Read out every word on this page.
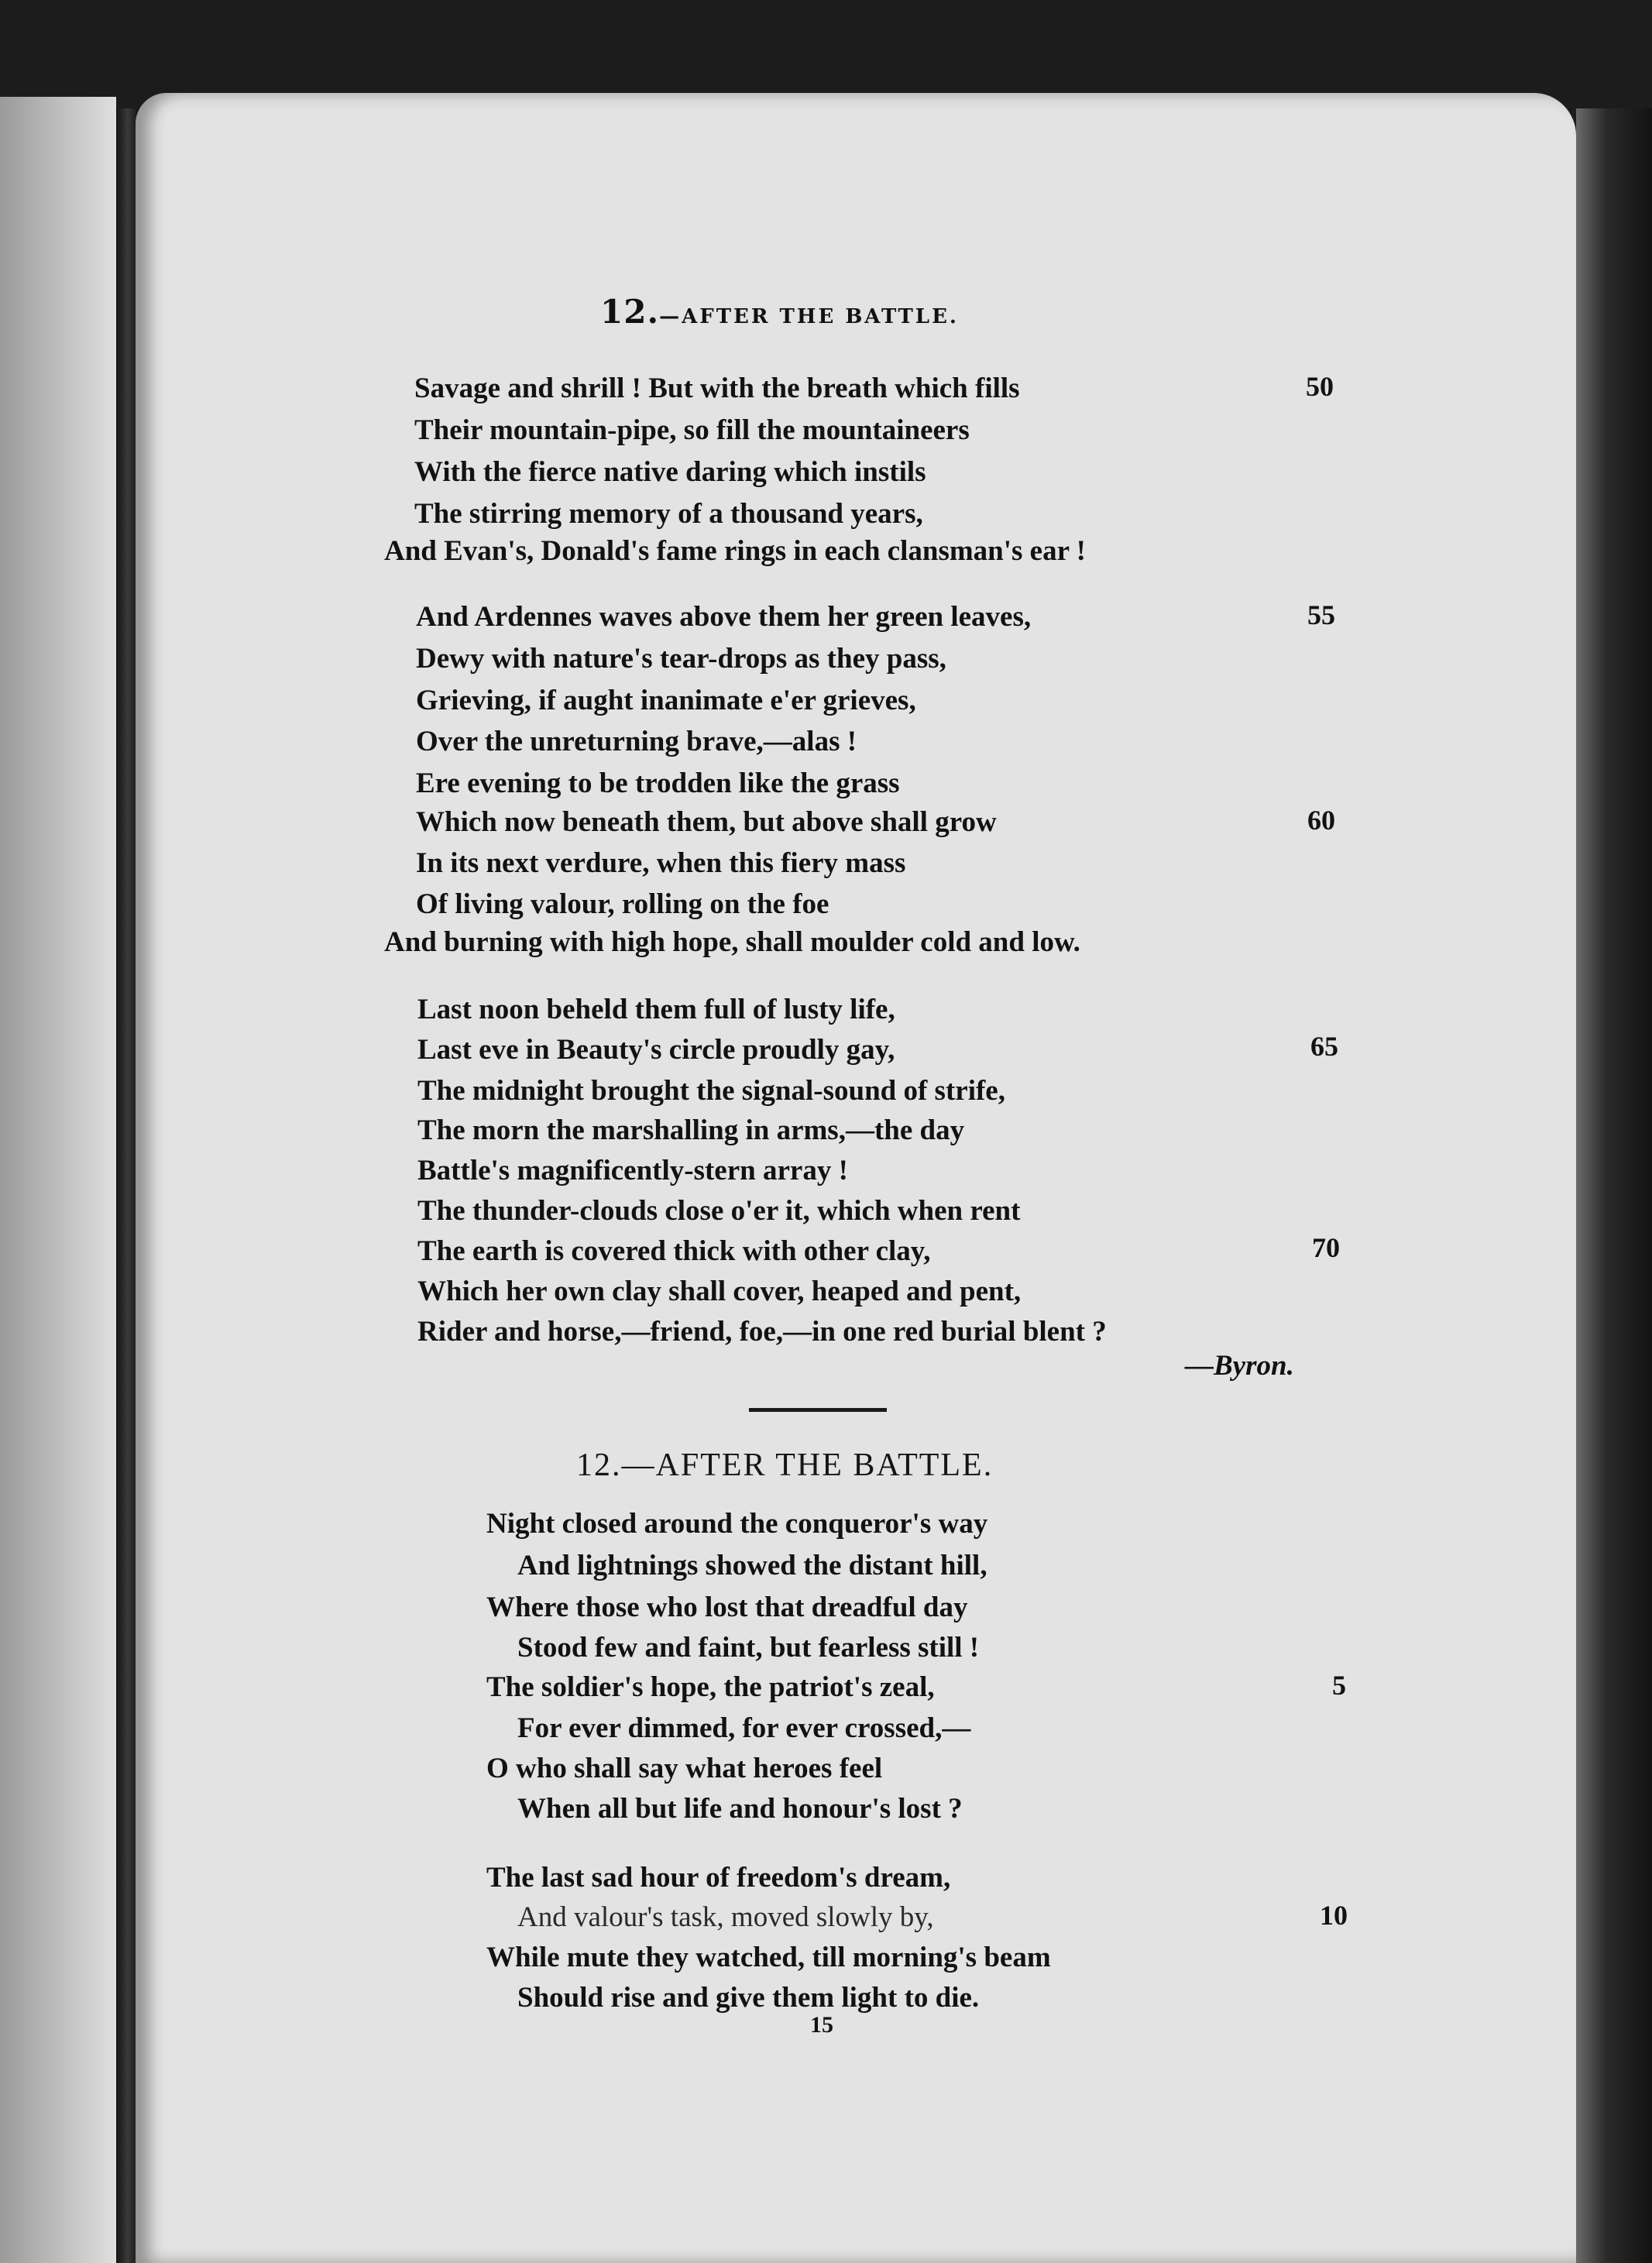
12.—AFTER THE BATTLE.
Savage and shrill ! But with the breath which fills
Their mountain-pipe, so fill the mountaineers
With the fierce native daring which instils
The stirring memory of a thousand years,
And Evan's, Donald's fame rings in each clansman's ear !
50
And Ardennes waves above them her green leaves,
Dewy with nature's tear-drops as they pass,
Grieving, if aught inanimate e'er grieves,
Over the unreturning brave,—alas !
Ere evening to be trodden like the grass
Which now beneath them, but above shall grow
In its next verdure, when this fiery mass
Of living valour, rolling on the foe
And burning with high hope, shall moulder cold and low.
55
60
Last noon beheld them full of lusty life,
Last eve in Beauty's circle proudly gay,
The midnight brought the signal-sound of strife,
The morn the marshalling in arms,—the day
Battle's magnificently-stern array !
The thunder-clouds close o'er it, which when rent
The earth is covered thick with other clay,
Which her own clay shall cover, heaped and pent,
Rider and horse,—friend, foe,—in one red burial blent ?
65
70
—Byron.
12.—AFTER THE BATTLE.
Night closed around the conqueror's way
And lightnings showed the distant hill,
Where those who lost that dreadful day
Stood few and faint, but fearless still !
The soldier's hope, the patriot's zeal,
For ever dimmed, for ever crossed,—
O who shall say what heroes feel
When all but life and honour's lost ?
5
The last sad hour of freedom's dream,
And valour's task, moved slowly by,
While mute they watched, till morning's beam
Should rise and give them light to die.
10
15
